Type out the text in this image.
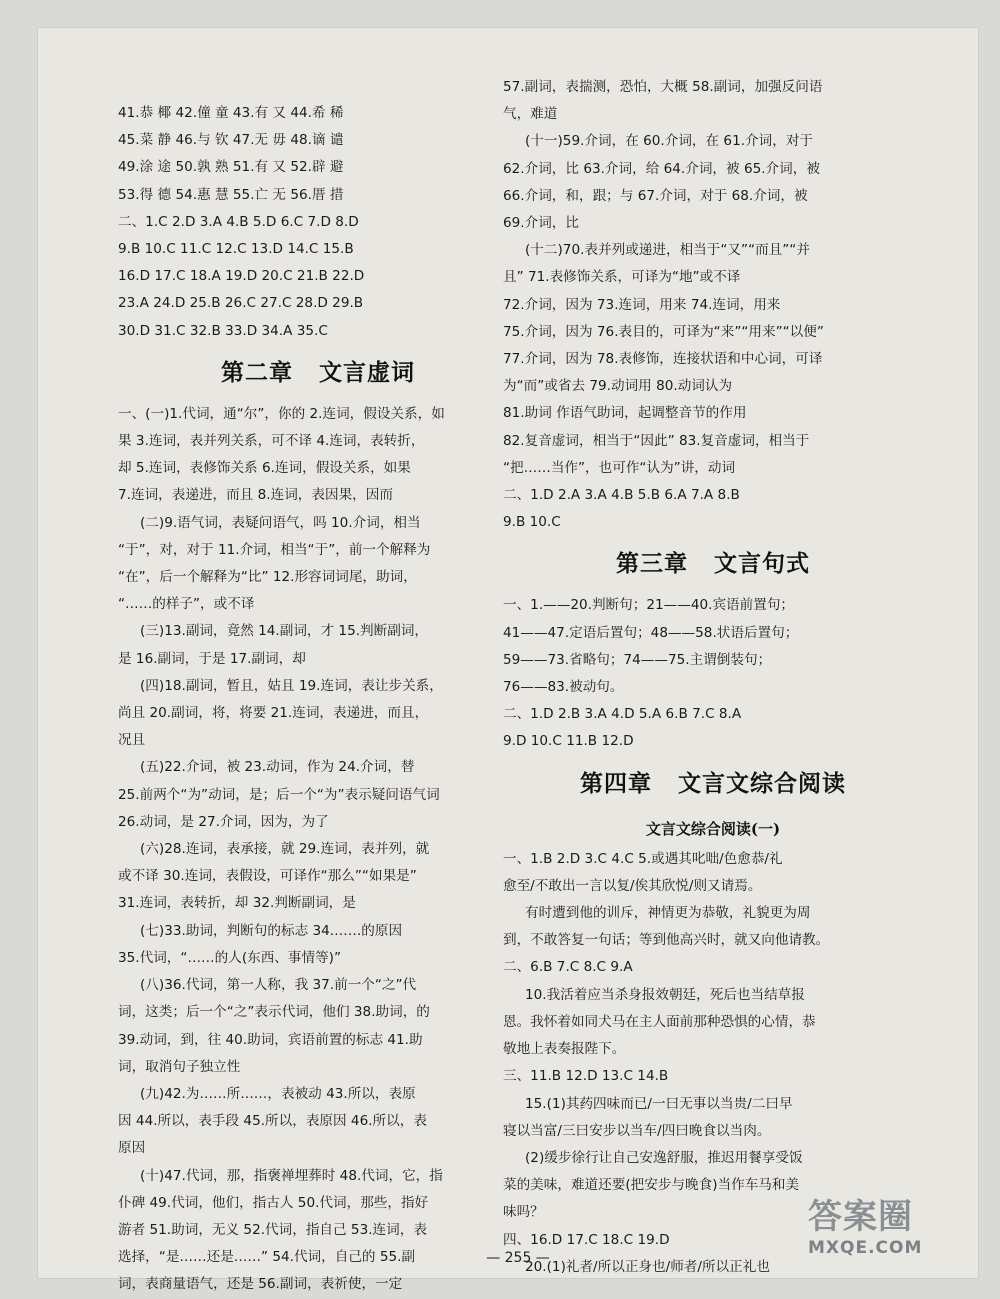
41.恭 椰 42.僮 童 43.有 又 44.希 稀
45.菜 静 46.与 钦 47.无 毋 48.谪 谴
49.涂 途 50.孰 熟 51.有 又 52.辟 避
53.得 德 54.惠 慧 55.亡 无 56.厝 措
二、1.C 2.D 3.A 4.B 5.D 6.C 7.D 8.D
9.B 10.C 11.C 12.C 13.D 14.C 15.B
16.D 17.C 18.A 19.D 20.C 21.B 22.D
23.A 24.D 25.B 26.C 27.C 28.D 29.B
30.D 31.C 32.B 33.D 34.A 35.C
第二章 文言虚词
一、(一)1.代词，通“尔”，你的 2.连词，假设关系，如
果 3.连词，表并列关系，可不译 4.连词，表转折，
却 5.连词，表修饰关系 6.连词，假设关系，如果
7.连词，表递进，而且 8.连词，表因果，因而
(二)9.语气词，表疑问语气，吗 10.介词，相当
“于”，对，对于 11.介词，相当“于”，前一个解释为
“在”，后一个解释为“比” 12.形容词词尾，助词，
“……的样子”，或不译
(三)13.副词，竟然 14.副词，才 15.判断副词，
是 16.副词，于是 17.副词，却
(四)18.副词，暂且，姑且 19.连词，表让步关系，
尚且 20.副词，将，将要 21.连词，表递进，而且，
况且
(五)22.介词，被 23.动词，作为 24.介词，替
25.前两个“为”动词，是；后一个“为”表示疑问语气词
26.动词，是 27.介词，因为，为了
(六)28.连词，表承接，就 29.连词，表并列，就
或不译 30.连词，表假设，可译作“那么”“如果是”
31.连词，表转折，却 32.判断副词，是
(七)33.助词，判断句的标志 34.……的原因
35.代词，“……的人(东西、事情等)”
(八)36.代词，第一人称，我 37.前一个“之”代
词，这类；后一个“之”表示代词，他们 38.助词，的
39.动词，到，往 40.助词，宾语前置的标志 41.助
词，取消句子独立性
(九)42.为……所……，表被动 43.所以，表原
因 44.所以，表手段 45.所以，表原因 46.所以，表
原因
(十)47.代词，那，指褒禅埋葬时 48.代词，它，指
仆碑 49.代词，他们，指古人 50.代词，那些，指好
游者 51.助词，无义 52.代词，指自己 53.连词，表
选择，“是……还是……” 54.代词，自己的 55.副
词，表商量语气，还是 56.副词，表祈使，一定
57.副词，表揣测，恐怕，大概 58.副词，加强反问语
气，难道
(十一)59.介词，在 60.介词，在 61.介词，对于
62.介词，比 63.介词，给 64.介词，被 65.介词，被
66.介词，和，跟；与 67.介词，对于 68.介词，被
69.介词，比
(十二)70.表并列或递进，相当于“又”“而且”“并
且” 71.表修饰关系，可译为“地”或不译
72.介词，因为 73.连词，用来 74.连词，用来
75.介词，因为 76.表目的，可译为“来”“用来”“以便”
77.介词，因为 78.表修饰，连接状语和中心词，可译
为“而”或省去 79.动词用 80.动词认为
81.助词 作语气助词，起调整音节的作用
82.复音虚词，相当于“因此” 83.复音虚词，相当于
“把……当作”，也可作“认为”讲，动词
二、1.D 2.A 3.A 4.B 5.B 6.A 7.A 8.B
9.B 10.C
第三章 文言句式
一、1.——20.判断句；21——40.宾语前置句；
41——47.定语后置句；48——58.状语后置句；
59——73.省略句；74——75.主谓倒装句；
76——83.被动句。
二、1.D 2.B 3.A 4.D 5.A 6.B 7.C 8.A
9.D 10.C 11.B 12.D
第四章 文言文综合阅读
文言文综合阅读(一)
一、1.B 2.D 3.C 4.C 5.或遇其叱咄/色愈恭/礼
愈至/不敢出一言以复/俟其欣悦/则又请焉。
有时遭到他的训斥，神情更为恭敬，礼貌更为周
到，不敢答复一句话；等到他高兴时，就又向他请教。
二、6.B 7.C 8.C 9.A
10.我活着应当杀身报效朝廷，死后也当结草报
恩。我怀着如同犬马在主人面前那种恐惧的心情，恭
敬地上表奏报陛下。
三、11.B 12.D 13.C 14.B
15.(1)其药四味而已/一曰无事以当贵/二曰早
寝以当富/三曰安步以当车/四曰晚食以当肉。
(2)缓步徐行让自己安逸舒服，推迟用餐享受饭
菜的美味，难道还要(把安步与晚食)当作车马和美
味吗？
四、16.D 17.C 18.C 19.D
20.(1)礼者/所以正身也/师者/所以正礼也
— 255 —
答案圈
MXQE.COM
